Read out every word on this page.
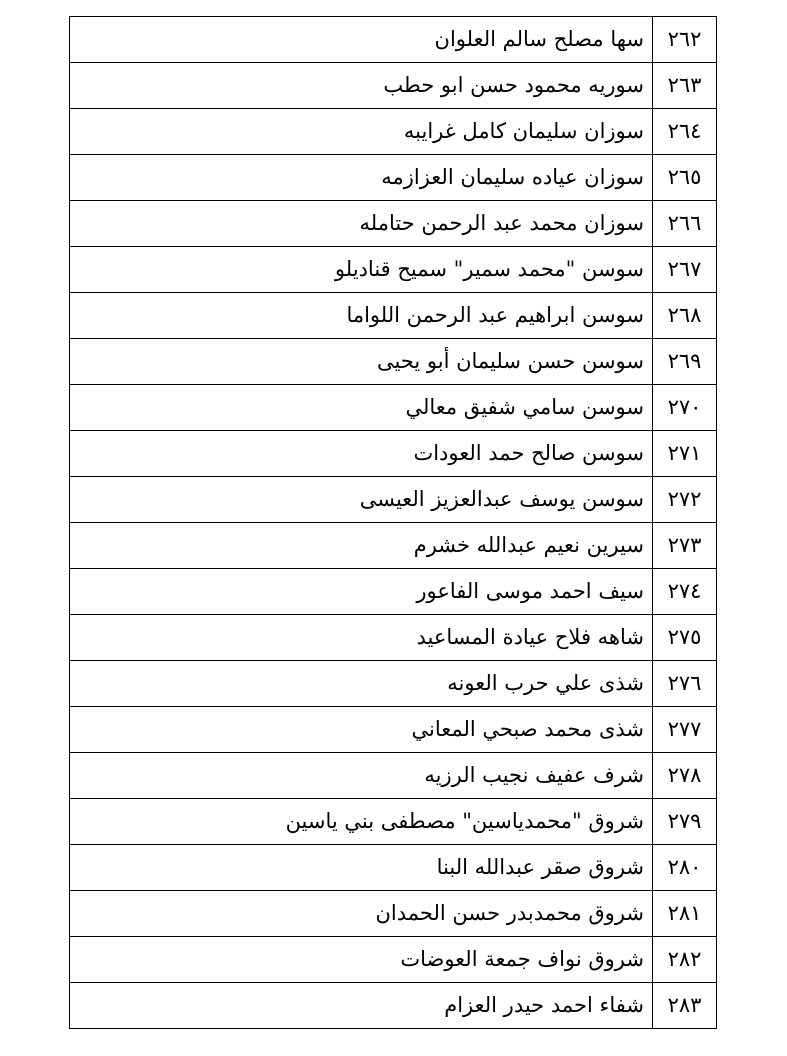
٢٦٢	سها مصلح سالم العلوان
٢٦٣	سوريه محمود حسن ابو حطب
٢٦٤	سوزان سليمان كامل غرايبه
٢٦٥	سوزان عياده سليمان العزازمه
٢٦٦	سوزان محمد عبد الرحمن حتامله
٢٦٧	سوسن "محمد سمير" سميح قناديلو
٢٦٨	سوسن ابراهيم عبد الرحمن اللواما
٢٦٩	سوسن حسن سليمان أبو يحيى
٢٧٠	سوسن سامي شفيق معالي
٢٧١	سوسن صالح حمد العودات
٢٧٢	سوسن يوسف عبدالعزيز العيسى
٢٧٣	سيرين نعيم عبدالله خشرم
٢٧٤	سيف احمد موسى الفاعور
٢٧٥	شاهه فلاح عيادة المساعيد
٢٧٦	شذى علي حرب العونه
٢٧٧	شذى محمد صبحي المعاني
٢٧٨	شرف عفيف نجيب الرزيه
٢٧٩	شروق "محمدياسين" مصطفى بني ياسين
٢٨٠	شروق صقر عبدالله البنا
٢٨١	شروق محمدبدر حسن الحمدان
٢٨٢	شروق نواف جمعة العوضات
٢٨٣	شفاء احمد حيدر العزام
